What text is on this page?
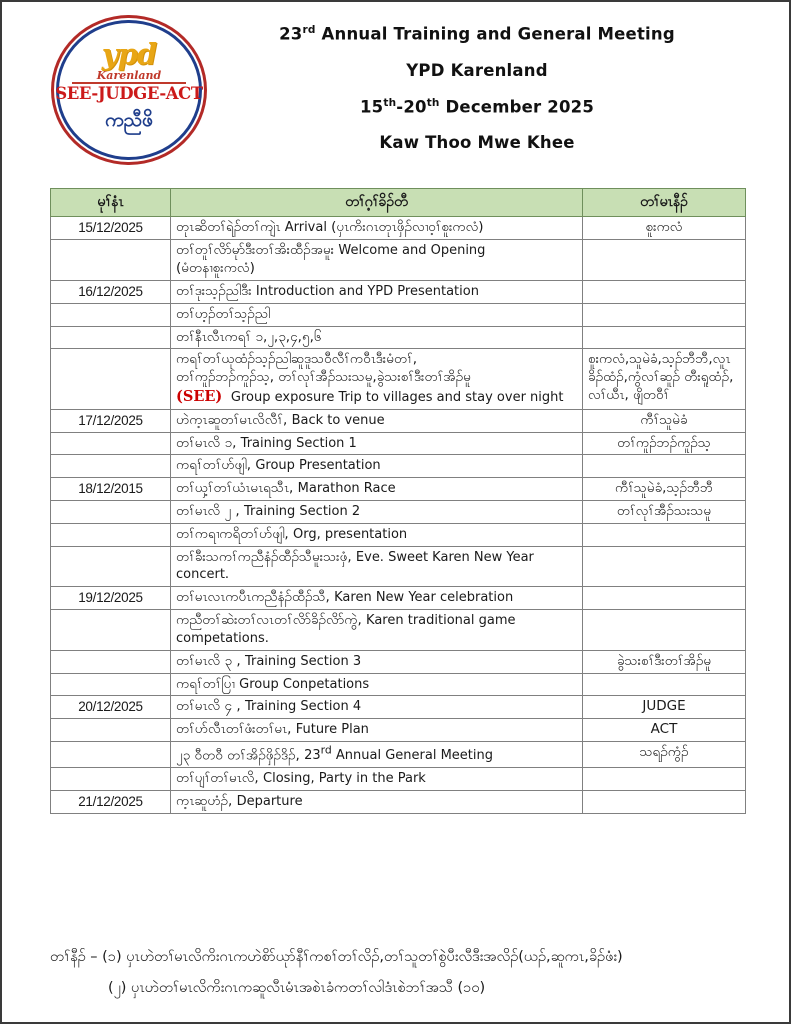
ypd
Karenland
SEE-JUDGE-ACT
ကညီဖိ
23rd Annual Training and General Meeting
YPD Karenland
15th-20th December 2025
Kaw Thoo Mwe Khee
မုၢ်နံၤ	တၢ်ဂ့ၢ်ခိၣ်တီ	တၢ်မၤနီၣ်
15/12/2025	တုၤဆိတၢ်ရဲၣ်တၢ်ကျဲၤ Arrival (ပှၤကိးဂၤတုၤဖှိၣ်လၢဝ့ၢ်စူးကလံ)	စူးကလံ
	တၢ်တူၢ်လိာ်မုာ်ဒီးတၢ်အိးထီၣ်အမူး Welcome and Opening
(မံတနၢစူးကလံ)	
16/12/2025	တၢ်ဒုးသ့ၣ်ညါဒီး Introduction and YPD Presentation	
	တၢ်ဟ့ၣ်တၢ်သ့ၣ်ညါ	
	တၢ်နီၤလီၤကရၢ် ၁,၂,၃,၄,၅,၆	
	ကရၢ်တၢ်ယုထံၣ်သ့ၣ်ညါဆူဒူသဝီလီၢ်ကဝီၤဒီးမံတၢ်,
တၢ်ကူၣ်ဘၣ်ကူၣ်သ့, တၢ်လုၢ်အီၣ်သးသမူ,ခွဲသးစၢ်ဒီးတၢ်အိၣ်မူ
(SEE) Group exposure Trip to villages and stay over night	စူးကလံ,သူမဲခံ,သ့ၣ်ဘီဘီ,လူၤခိၣ်ထံၣ်,ကွံလၢ်ဆူၣ် တီးရူထံၣ်, လၢ်ယီၤ, ဖျိတဝီၢ်
17/12/2025	ဟဲက့ၤဆူတၢ်မၤလိလီၢ်, Back to venue	ကီၢ်သူမဲခံ
	တၢ်မၤလိ ၁, Training Section 1	တၢ်ကူၣ်ဘၣ်ကူၣ်သ့
	ကရၢ်တၢ်ဟ်ဖျါ, Group Presentation	
18/12/2015	တၢ်ယှ့ၢ်တၢ်ယံၤမၤရသီၤ, Marathon Race	ကီၢ်သူမဲခံ,သ့ၣ်ဘီဘီ
	တၢ်မၤလိ ၂ , Training Section 2	တၢ်လုၢ်အီၣ်သးသမူ
	တၢ်ကရၢကရိတၢ်ဟ်ဖျါ, Org, presentation	
	တၢ်ခီးသကၢ်ကညီနံၣ်ထီၣ်သီမူးသးဖှံ, Eve. Sweet Karen New Year concert.	
19/12/2025	တၢ်မၤလၤကပီၤကညီနံၣ်ထီၣ်သီ, Karen New Year celebration	
	ကညီတၢ်ဆဲးတၢ်လၤတၢ်လိာ်ခိၣ်လိာ်ကွဲ, Karen traditional game competations.	
	တၢ်မၤလိ ၃ , Training Section 3	ခွဲသးစၢ်ဒီးတၢ်အိၣ်မူ
	ကရၢ်တၢ်ပြၢ Group Conpetations	
20/12/2025	တၢ်မၤလိ ၄ , Training Section 4	JUDGE
	တၢ်ဟ်လီၤတၢ်ဖံးတၢ်မၤ, Future Plan	ACT
	၂၃ ဝီတဝီ တၢ်အိၣ်ဖှိၣ်ဒိၣ်, 23rd Annual General Meeting	သရၣ်ကွံၣ်
	တၢ်ပျၢ်တၢ်မၤလိ, Closing, Party in the Park	
21/12/2025	က့ၤဆူဟံၣ်, Departure	
တၢ်နီၣ် – (၁) ပှၤဟဲတၢ်မၤလိကိးဂၤကဟဲစိာ်ယုာ်နီၢ်ကစၢ်တၢ်လိၣ်,တၢ်သူတၢ်စွဲပီးလီဒီးအလိၣ်(ယၣ်,ဆူကၤ,ခိၣ်ဖံး)
(၂) ပှၤဟဲတၢ်မၤလိကိးဂၤကဆူလီၤမံၤအစဲၤခံကတၢ်လါဒံၤစဲဘၢ်အသီ (၁၀)
